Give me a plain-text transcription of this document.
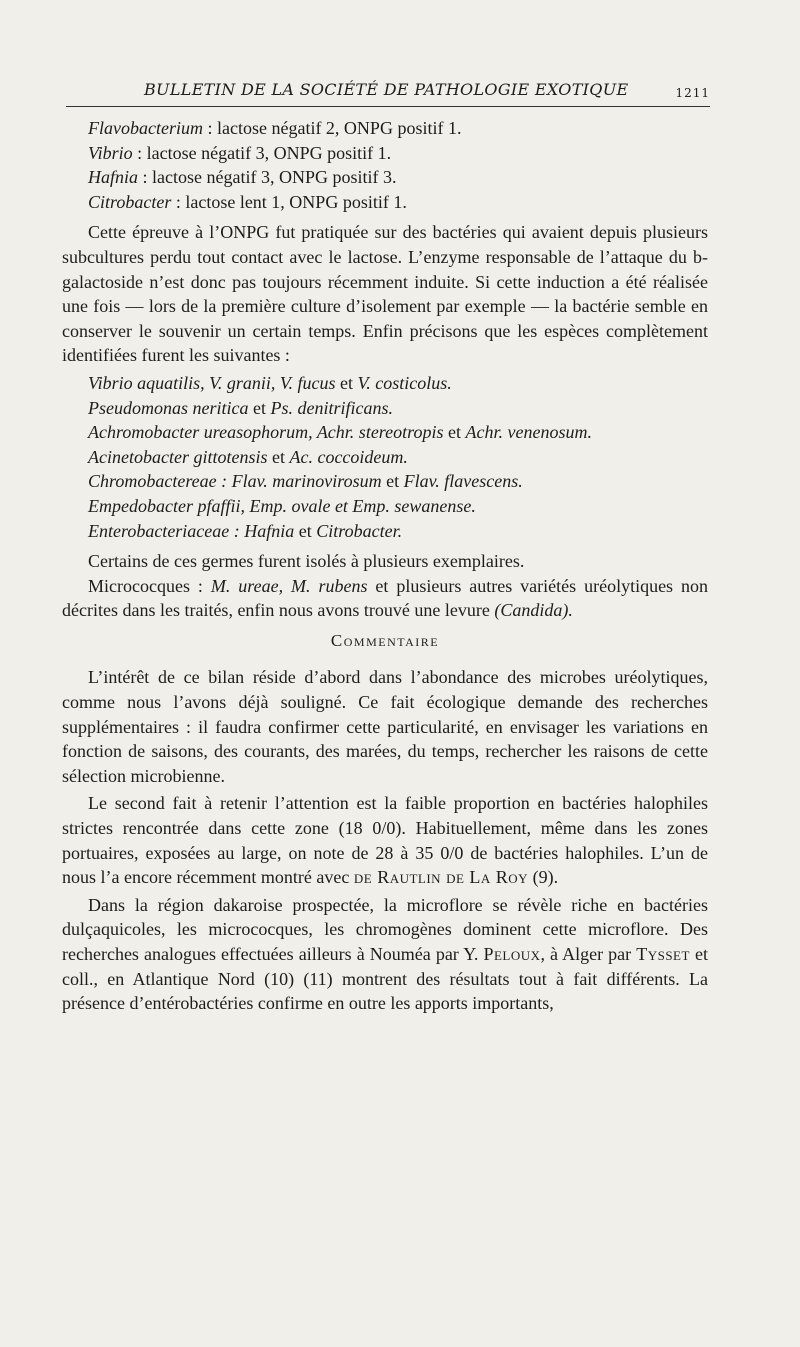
BULLETIN DE LA SOCIÉTÉ DE PATHOLOGIE EXOTIQUE	1211
Flavobacterium : lactose négatif 2, ONPG positif 1.
Vibrio : lactose négatif 3, ONPG positif 1.
Hafnia : lactose négatif 3, ONPG positif 3.
Citrobacter : lactose lent 1, ONPG positif 1.

Cette épreuve à l’ONPG fut pratiquée sur des bactéries qui avaient depuis plusieurs subcultures perdu tout contact avec le lactose. L’enzyme responsable de l’attaque du b-galactoside n’est donc pas toujours récemment induite. Si cette induction a été réalisée une fois — lors de la première culture d’isolement par exemple — la bactérie semble en conserver le souvenir un certain temps. Enfin précisons que les espèces complètement identifiées furent les suivantes :

Vibrio aquatilis, V. granii, V. fucus et V. costicolus.
Pseudomonas neritica et Ps. denitrificans.

Achromobacter ureasophorum, Achr. stereotropis et Achr. venenosum.

Acinetobacter gittotensis et Ac. coccoideum.
Chromobactereae : Flav. marinovirosum et Flav. flavescens.
Empedobacter pfaffii, Emp. ovale et Emp. sewanense.
Enterobacteriaceae : Hafnia et Citrobacter.

Certains de ces germes furent isolés à plusieurs exemplaires.

Micrococques : M. ureae, M. rubens et plusieurs autres variétés uréolytiques non décrites dans les traités, enfin nous avons trouvé une levure (Candida).

Commentaire

L’intérêt de ce bilan réside d’abord dans l’abondance des microbes uréolytiques, comme nous l’avons déjà souligné. Ce fait écologique demande des recherches supplémentaires : il faudra confirmer cette particularité, en envisager les variations en fonction de saisons, des courants, des marées, du temps, rechercher les raisons de cette sélection microbienne.

Le second fait à retenir l’attention est la faible proportion en bactéries halophiles strictes rencontrée dans cette zone (18 0/0). Habituellement, même dans les zones portuaires, exposées au large, on note de 28 à 35 0/0 de bactéries halophiles. L’un de nous l’a encore récemment montré avec de Rautlin de La Roy (9).

Dans la région dakaroise prospectée, la microflore se révèle riche en bactéries dulçaquicoles, les micrococques, les chromogènes dominent cette microflore. Des recherches analogues effectuées ailleurs à Nouméa par Y. Peloux, à Alger par Tysset et coll., en Atlantique Nord (10) (11) montrent des résultats tout à fait différents. La présence d’entérobactéries confirme en outre les apports importants,
